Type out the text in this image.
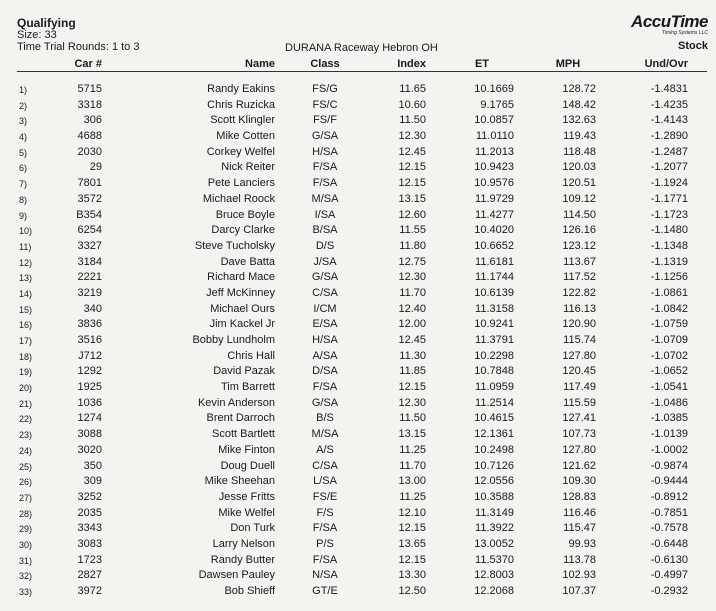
Qualifying
Size: 33
Time Trial Rounds: 1 to 3	DURANA Raceway Hebron OH
AccuTime
Timing Systems LLC
Stock
Car #	Name	Class	Index	ET	MPH	Und/Ovr
1)	5715	Randy Eakins	FS/G	11.65	10.1669	128.72	-1.4831
2)	3318	Chris Ruzicka	FS/C	10.60	9.1765	148.42	-1.4235
3)	306	Scott Klingler	FS/F	11.50	10.0857	132.63	-1.4143
4)	4688	Mike Cotten	G/SA	12.30	11.0110	119.43	-1.2890
5)	2030	Corkey Welfel	H/SA	12.45	11.2013	118.48	-1.2487
6)	29	Nick Reiter	F/SA	12.15	10.9423	120.03	-1.2077
7)	7801	Pete Lanciers	F/SA	12.15	10.9576	120.51	-1.1924
8)	3572	Michael Roock	M/SA	13.15	11.9729	109.12	-1.1771
9)	B354	Bruce Boyle	I/SA	12.60	11.4277	114.50	-1.1723
10)	6254	Darcy Clarke	B/SA	11.55	10.4020	126.16	-1.1480
11)	3327	Steve Tucholsky	D/S	11.80	10.6652	123.12	-1.1348
12)	3184	Dave Batta	J/SA	12.75	11.6181	113.67	-1.1319
13)	2221	Richard Mace	G/SA	12.30	11.1744	117.52	-1.1256
14)	3219	Jeff McKinney	C/SA	11.70	10.6139	122.82	-1.0861
15)	340	Michael Ours	I/CM	12.40	11.3158	116.13	-1.0842
16)	3836	Jim Kackel Jr	E/SA	12.00	10.9241	120.90	-1.0759
17)	3516	Bobby Lundholm	H/SA	12.45	11.3791	115.74	-1.0709
18)	J712	Chris Hall	A/SA	11.30	10.2298	127.80	-1.0702
19)	1292	David Pazak	D/SA	11.85	10.7848	120.45	-1.0652
20)	1925	Tim Barrett	F/SA	12.15	11.0959	117.49	-1.0541
21)	1036	Kevin Anderson	G/SA	12.30	11.2514	115.59	-1.0486
22)	1274	Brent Darroch	B/S	11.50	10.4615	127.41	-1.0385
23)	3088	Scott Bartlett	M/SA	13.15	12.1361	107.73	-1.0139
24)	3020	Mike Finton	A/S	11.25	10.2498	127.80	-1.0002
25)	350	Doug Duell	C/SA	11.70	10.7126	121.62	-0.9874
26)	309	Mike Sheehan	L/SA	13.00	12.0556	109.30	-0.9444
27)	3252	Jesse Fritts	FS/E	11.25	10.3588	128.83	-0.8912
28)	2035	Mike Welfel	F/S	12.10	11.3149	116.46	-0.7851
29)	3343	Don Turk	F/SA	12.15	11.3922	115.47	-0.7578
30)	3083	Larry Nelson	P/S	13.65	13.0052	99.93	-0.6448
31)	1723	Randy Butter	F/SA	12.15	11.5370	113.78	-0.6130
32)	2827	Dawsen Pauley	N/SA	13.30	12.8003	102.93	-0.4997
33)	3972	Bob Shieff	GT/E	12.50	12.2068	107.37	-0.2932
